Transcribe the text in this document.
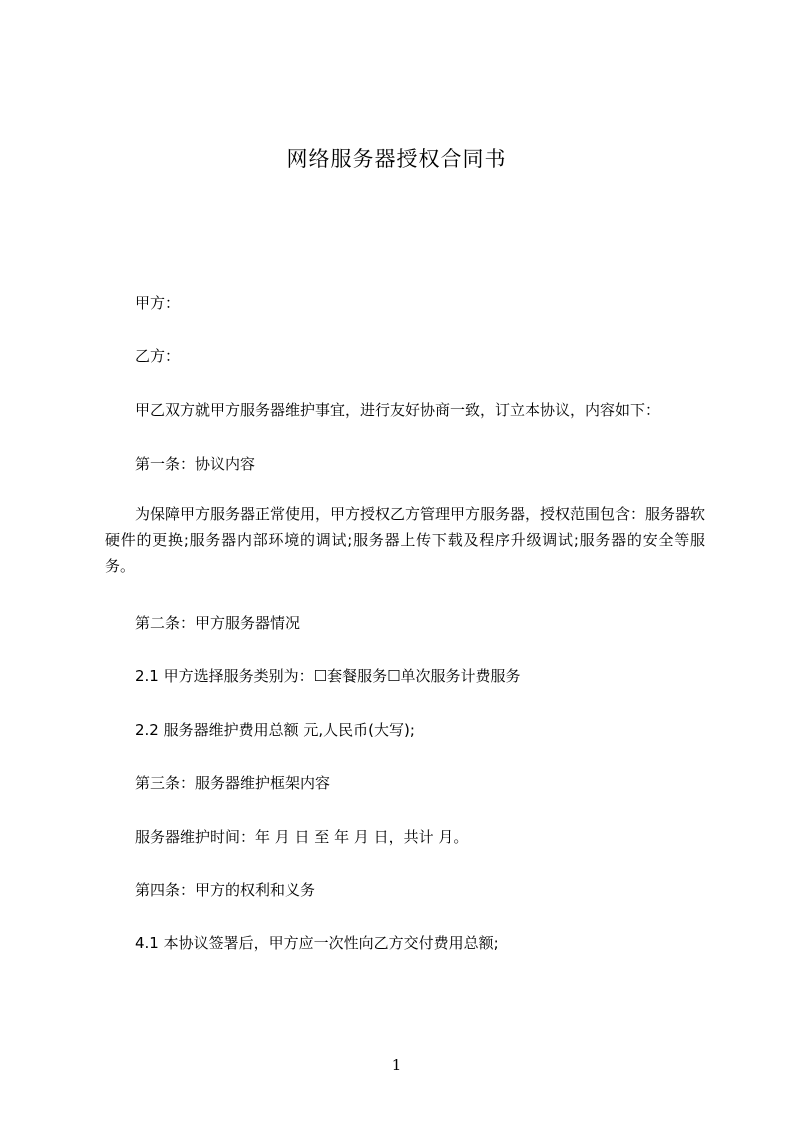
网络服务器授权合同书
甲方：
乙方：
甲乙双方就甲方服务器维护事宜，进行友好协商一致，订立本协议，内容如下：
第一条：协议内容
为保障甲方服务器正常使用，甲方授权乙方管理甲方服务器，授权范围包含：服务器软硬件的更换;服务器内部环境的调试;服务器上传下载及程序升级调试;服务器的安全等服务。
第二条：甲方服务器情况
2.1 甲方选择服务类别为：☐套餐服务☐单次服务计费服务
2.2 服务器维护费用总额 元,人民币(大写);
第三条：服务器维护框架内容
服务器维护时间：年 月 日 至 年 月 日，共计 月。
第四条：甲方的权利和义务
4.1 本协议签署后，甲方应一次性向乙方交付费用总额;
1
